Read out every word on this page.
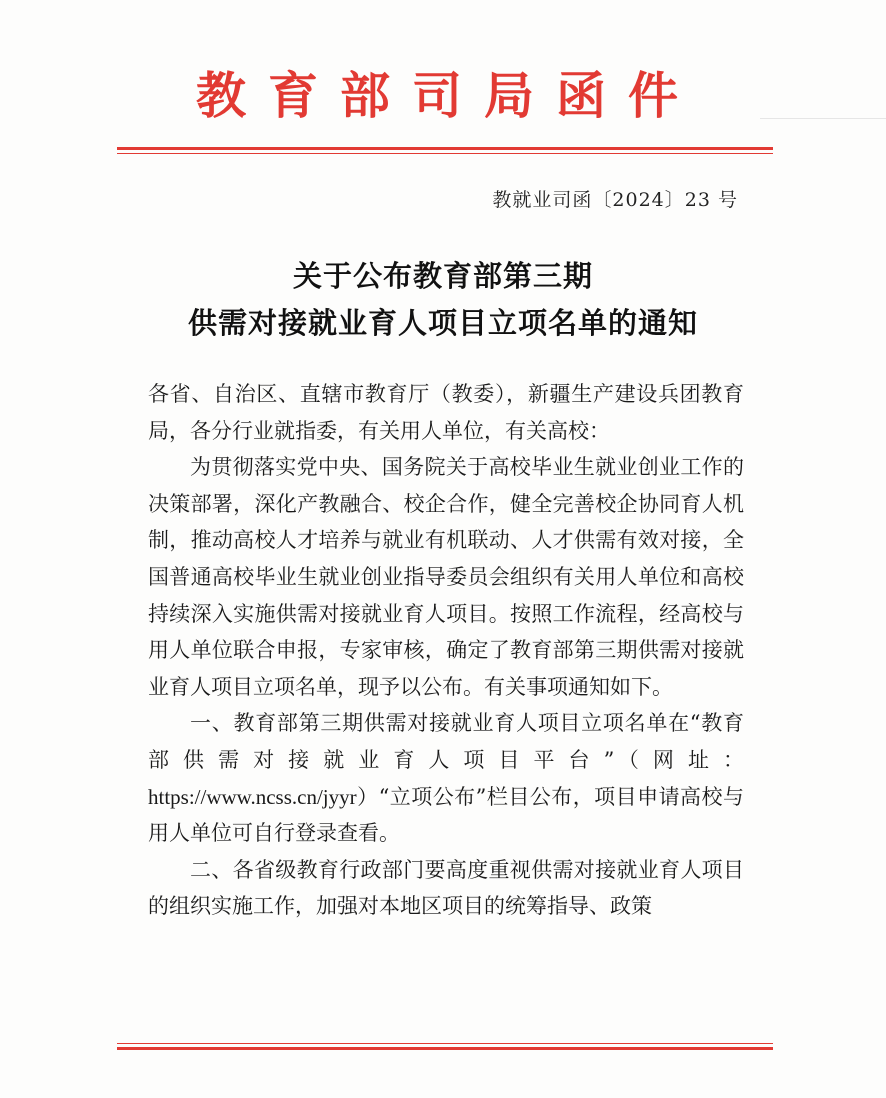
教育部司局函件
教就业司函〔2024〕23 号
关于公布教育部第三期
供需对接就业育人项目立项名单的通知

各省、自治区、直辖市教育厅（教委），新疆生产建设兵团教育局，各分行业就指委，有关用人单位，有关高校：

为贯彻落实党中央、国务院关于高校毕业生就业创业工作的决策部署，深化产教融合、校企合作，健全完善校企协同育人机制，推动高校人才培养与就业有机联动、人才供需有效对接，全国普通高校毕业生就业创业指导委员会组织有关用人单位和高校持续深入实施供需对接就业育人项目。按照工作流程，经高校与用人单位联合申报，专家审核，确定了教育部第三期供需对接就业育人项目立项名单，现予以公布。有关事项通知如下。

一、教育部第三期供需对接就业育人项目立项名单在“教育部供需对接就业育人项目平台”（网址：https://www.ncss.cn/jyyr）“立项公布”栏目公布，项目申请高校与用人单位可自行登录查看。

二、各省级教育行政部门要高度重视供需对接就业育人项目的组织实施工作，加强对本地区项目的统筹指导、政策
